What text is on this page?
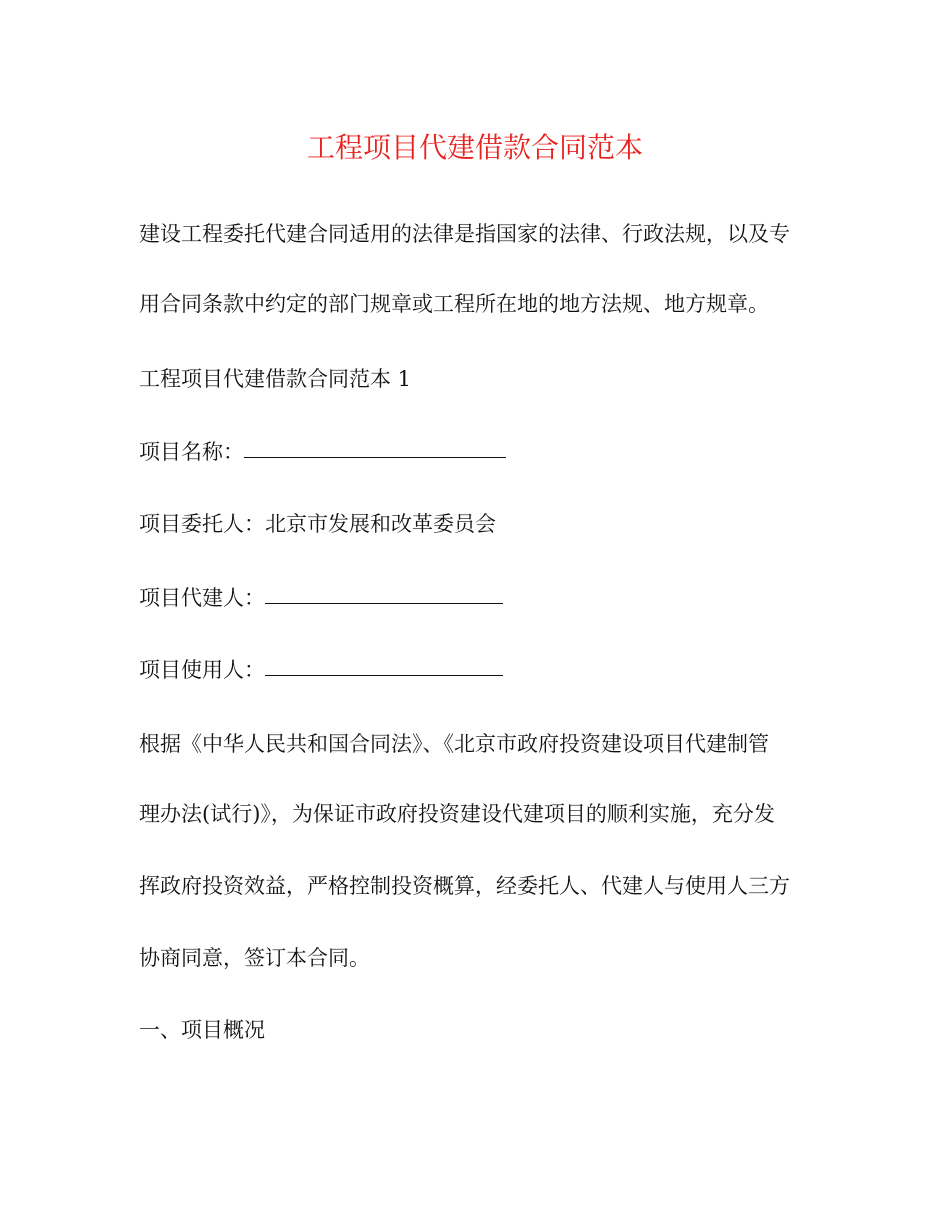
工程项目代建借款合同范本
建设工程委托代建合同适用的法律是指国家的法律、行政法规，以及专
用合同条款中约定的部门规章或工程所在地的地方法规、地方规章。
工程项目代建借款合同范本 1
项目名称：
项目委托人：北京市发展和改革委员会
项目代建人：
项目使用人：
根据《中华人民共和国合同法》、《北京市政府投资建设项目代建制管
理办法(试行)》，为保证市政府投资建设代建项目的顺利实施，充分发
挥政府投资效益，严格控制投资概算，经委托人、代建人与使用人三方
协商同意，签订本合同。
一、项目概况
